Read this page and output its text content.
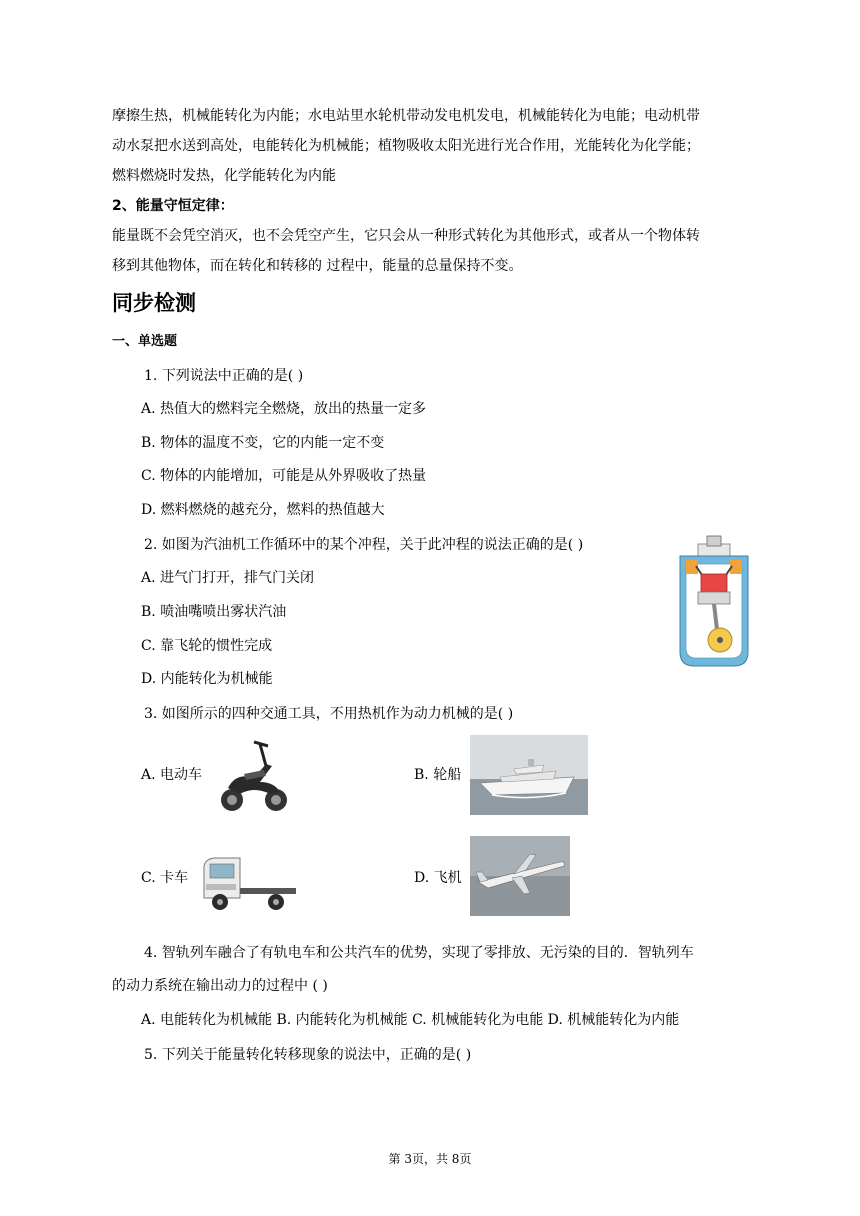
摩擦生热，机械能转化为内能；水电站里水轮机带动发电机发电，机械能转化为电能；电动机带
动水泵把水送到高处，电能转化为机械能；植物吸收太阳光进行光合作用，光能转化为化学能；
燃料燃烧时发热，化学能转化为内能
2、能量守恒定律：
能量既不会凭空消灭，也不会凭空产生，它只会从一种形式转化为其他形式，或者从一个物体转
移到其他物体，而在转化和转移的 过程中，能量的总量保持不变。
同步检测
一、单选题
1. 下列说法中正确的是( )
A. 热值大的燃料完全燃烧，放出的热量一定多
B. 物体的温度不变，它的内能一定不变
C. 物体的内能增加，可能是从外界吸收了热量
D. 燃料燃烧的越充分，燃料的热值越大
2. 如图为汽油机工作循环中的某个冲程，关于此冲程的说法正确的是( )
A. 进气门打开，排气门关闭
B. 喷油嘴喷出雾状汽油
C. 靠飞轮的惯性完成
D. 内能转化为机械能
3. 如图所示的四种交通工具，不用热机作为动力机械的是( )
A. 电动车	B. 轮船
C. 卡车	D. 飞机
4. 智轨列车融合了有轨电车和公共汽车的优势，实现了零排放、无污染的目的．智轨列车
的动力系统在输出动力的过程中 ( )
A. 电能转化为机械能 B. 内能转化为机械能 C. 机械能转化为电能 D. 机械能转化为内能
5. 下列关于能量转化转移现象的说法中，正确的是( )
第 3页，共 8页
